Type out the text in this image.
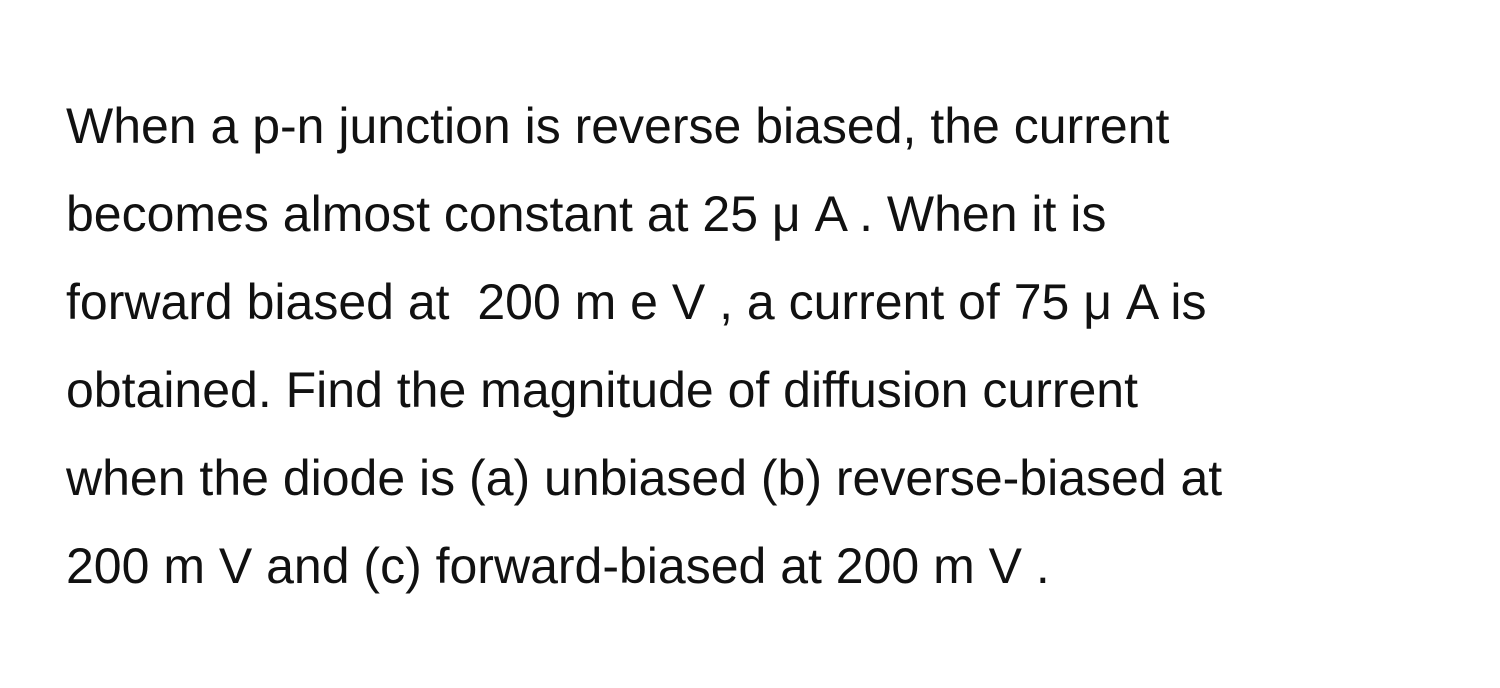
When a p-n junction is reverse biased, the current
becomes almost constant at 25 μ A . When it is
forward biased at  200 m e V , a current of 75 μ A is
obtained. Find the magnitude of diffusion current
when the diode is (a) unbiased (b) reverse-biased at
200 m V and (c) forward-biased at 200 m V .
